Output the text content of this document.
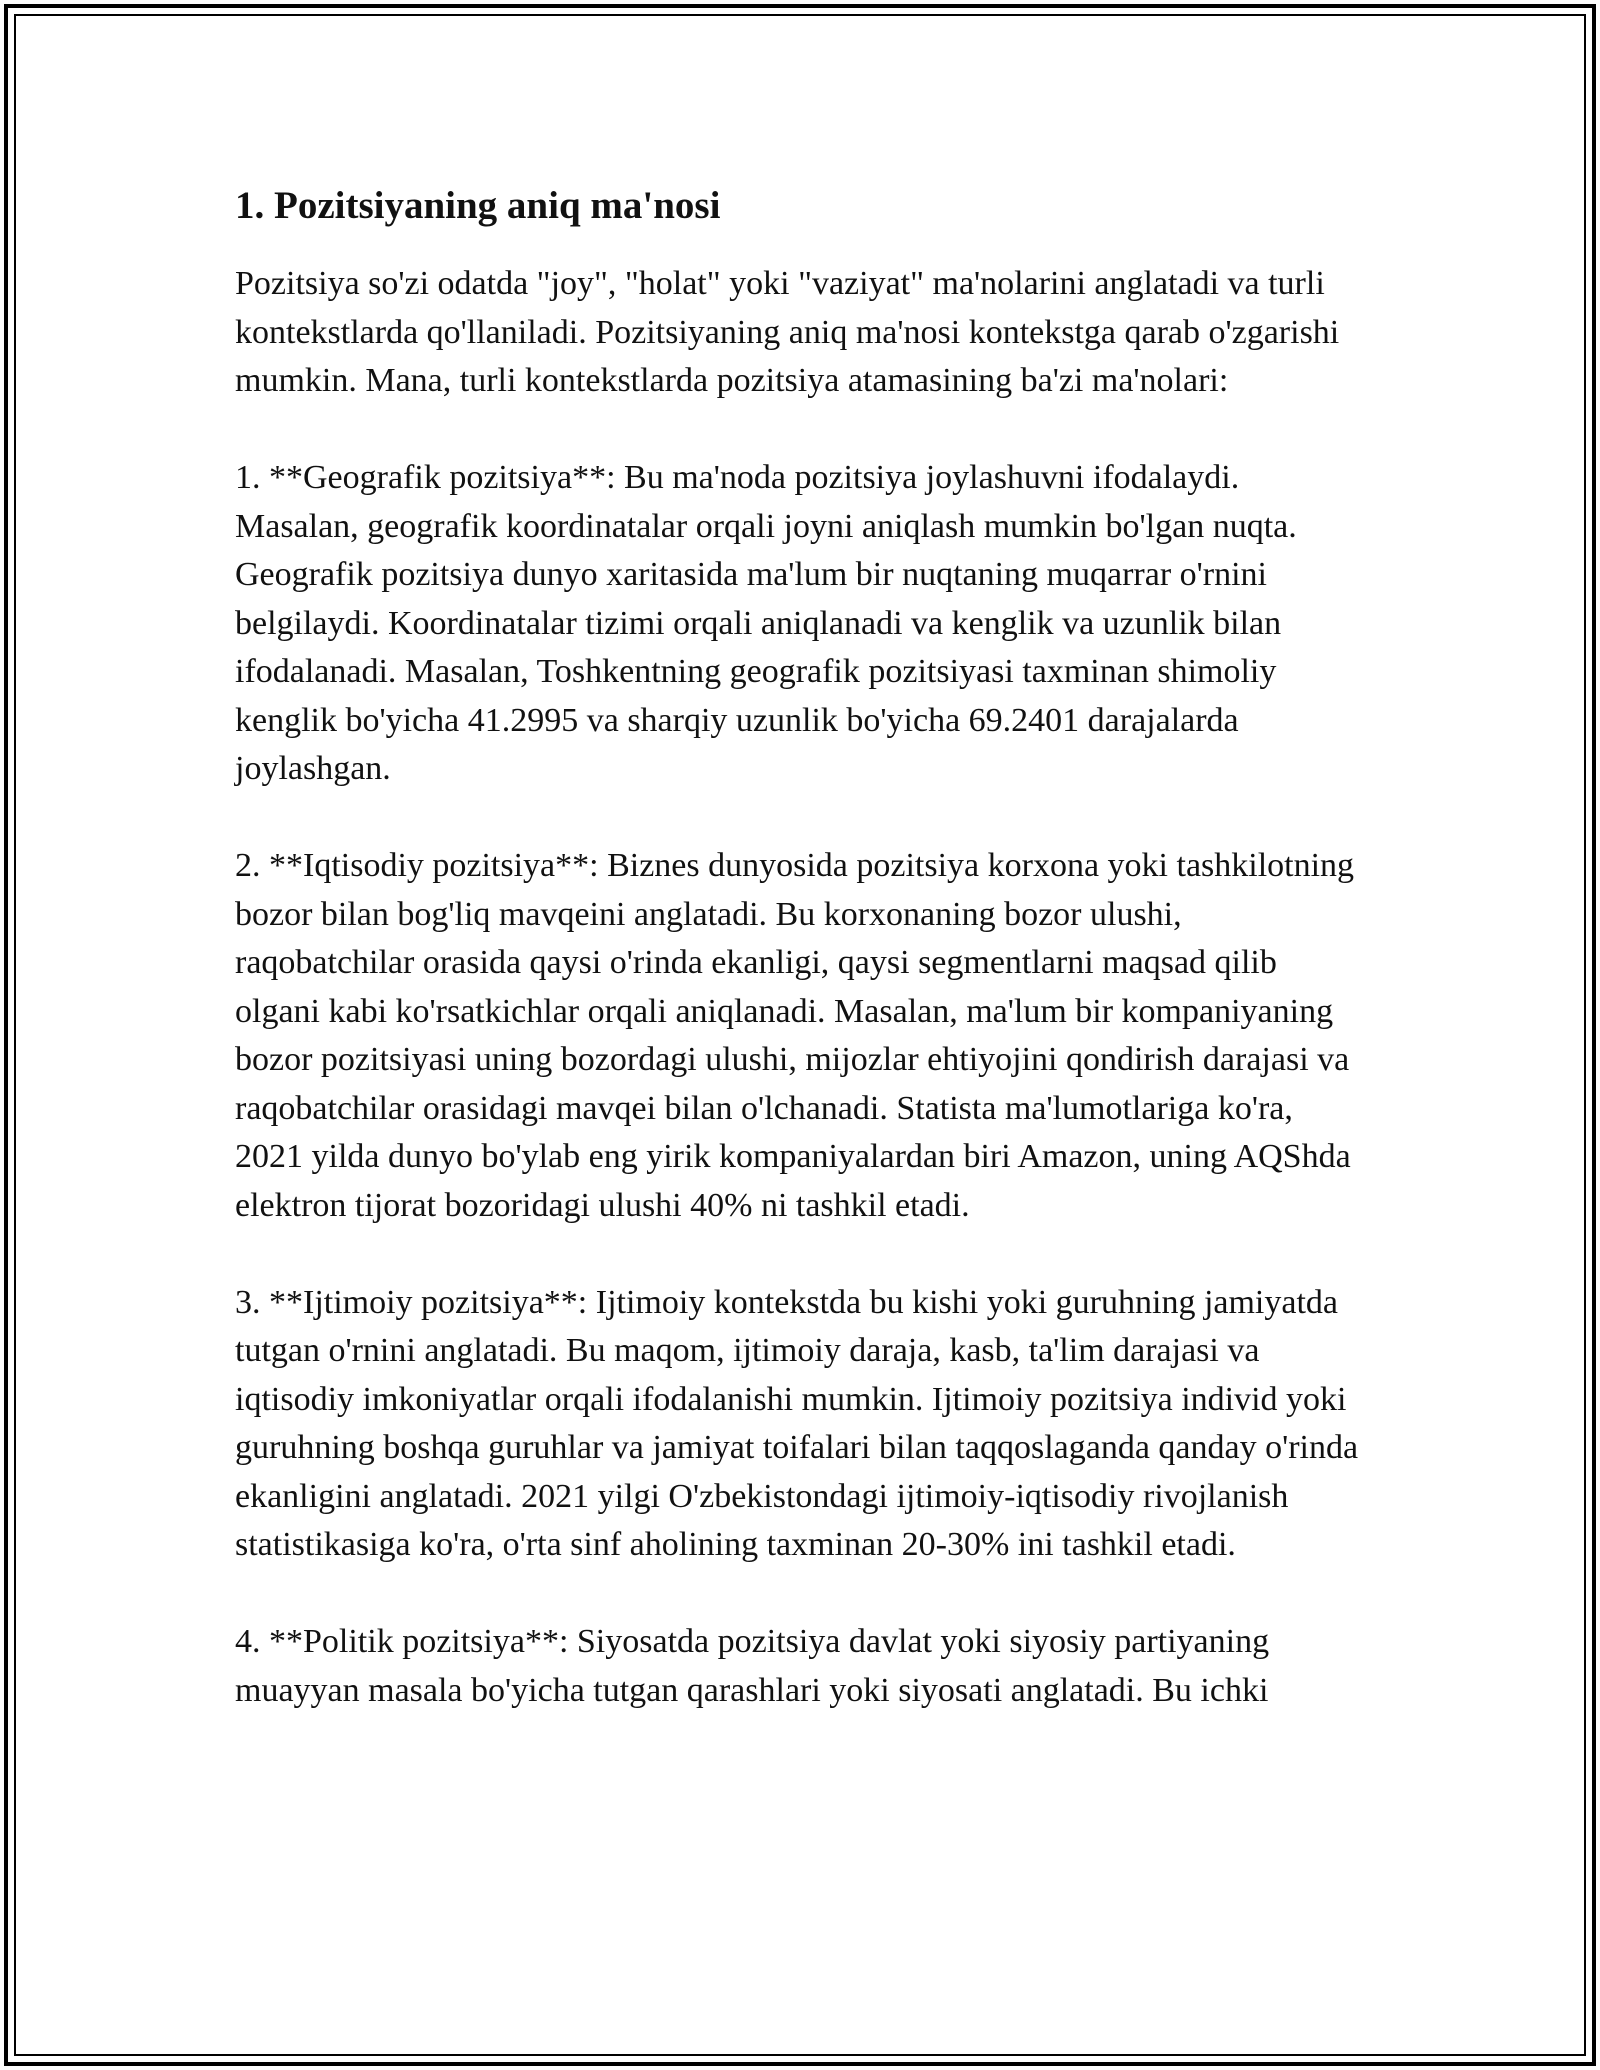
1. Pozitsiyaning aniq ma'nosi

Pozitsiya so'zi odatda "joy", "holat" yoki "vaziyat" ma'nolarini anglatadi va turli kontekstlarda qo'llaniladi. Pozitsiyaning aniq ma'nosi kontekstga qarab o'zgarishi mumkin. Mana, turli kontekstlarda pozitsiya atamasining ba'zi ma'nolari:

1. **Geografik pozitsiya**: Bu ma'noda pozitsiya joylashuvni ifodalaydi. Masalan, geografik koordinatalar orqali joyni aniqlash mumkin bo'lgan nuqta. Geografik pozitsiya dunyo xaritasida ma'lum bir nuqtaning muqarrar o'rnini belgilaydi. Koordinatalar tizimi orqali aniqlanadi va kenglik va uzunlik bilan ifodalanadi. Masalan, Toshkentning geografik pozitsiyasi taxminan shimoliy kenglik bo'yicha 41.2995 va sharqiy uzunlik bo'yicha 69.2401 darajalarda joylashgan.

2. **Iqtisodiy pozitsiya**: Biznes dunyosida pozitsiya korxona yoki tashkilotning bozor bilan bog'liq mavqeini anglatadi. Bu korxonaning bozor ulushi, raqobatchilar orasida qaysi o'rinda ekanligi, qaysi segmentlarni maqsad qilib olgani kabi ko'rsatkichlar orqali aniqlanadi. Masalan, ma'lum bir kompaniyaning bozor pozitsiyasi uning bozordagi ulushi, mijozlar ehtiyojini qondirish darajasi va raqobatchilar orasidagi mavqei bilan o'lchanadi. Statista ma'lumotlariga ko'ra, 2021 yilda dunyo bo'ylab eng yirik kompaniyalardan biri Amazon, uning AQShda elektron tijorat bozoridagi ulushi 40% ni tashkil etadi.

3. **Ijtimoiy pozitsiya**: Ijtimoiy kontekstda bu kishi yoki guruhning jamiyatda tutgan o'rnini anglatadi. Bu maqom, ijtimoiy daraja, kasb, ta'lim darajasi va iqtisodiy imkoniyatlar orqali ifodalanishi mumkin. Ijtimoiy pozitsiya individ yoki guruhning boshqa guruhlar va jamiyat toifalari bilan taqqoslaganda qanday o'rinda ekanligini anglatadi. 2021 yilgi O'zbekistondagi ijtimoiy-iqtisodiy rivojlanish statistikasiga ko'ra, o'rta sinf aholining taxminan 20-30% ini tashkil etadi.

4. **Politik pozitsiya**: Siyosatda pozitsiya davlat yoki siyosiy partiyaning muayyan masala bo'yicha tutgan qarashlari yoki siyosati anglatadi. Bu ichki
